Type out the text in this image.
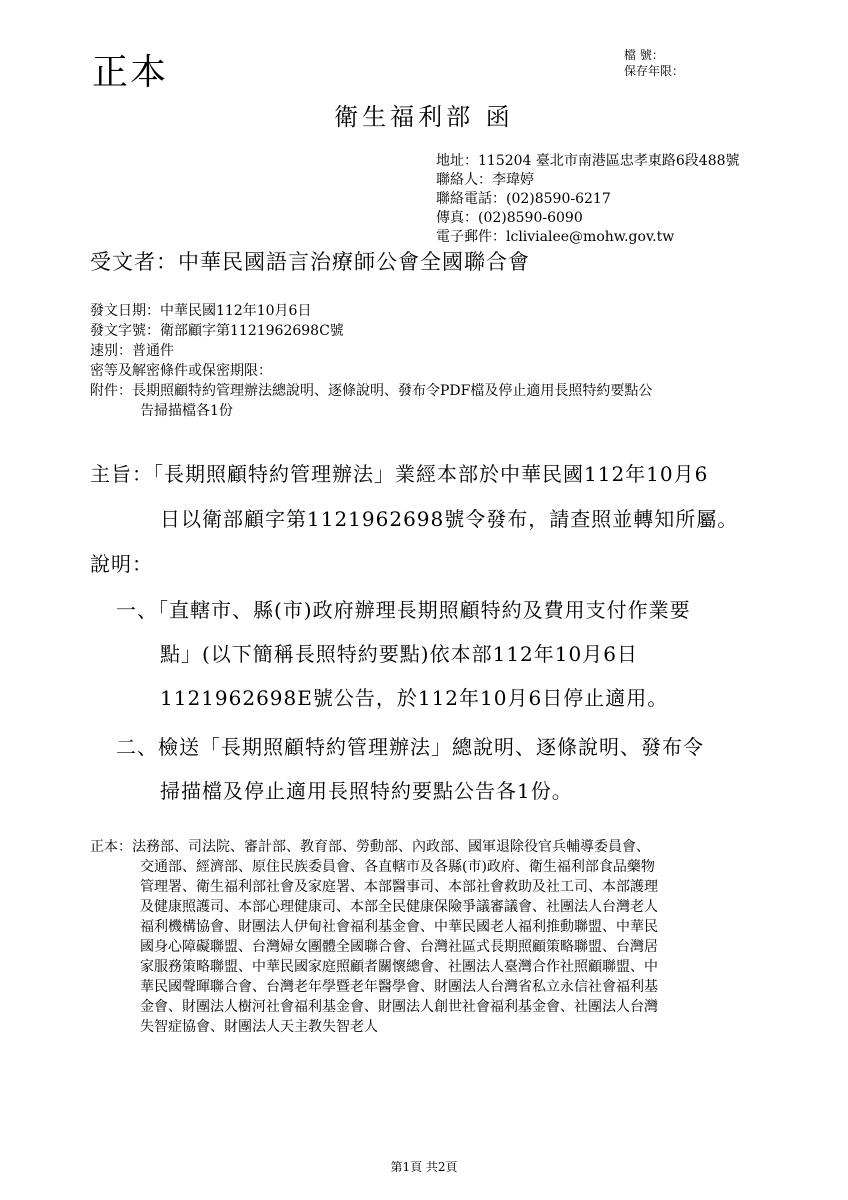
正本	檔 號：
保存年限：
衛生福利部 函
地址：115204 臺北市南港區忠孝東路6段488號
聯絡人：李瑋婷
聯絡電話：(02)8590-6217
傳真：(02)8590-6090
電子郵件：lclivialee@mohw.gov.tw
受文者：中華民國語言治療師公會全國聯合會
發文日期：中華民國112年10月6日
發文字號：衛部顧字第1121962698C號
速別：普通件
密等及解密條件或保密期限：
附件：長期照顧特約管理辦法總說明、逐條說明、發布令PDF檔及停止適用長照特約要點公
告掃描檔各1份
主旨：「長期照顧特約管理辦法」業經本部於中華民國112年10月6
日以衛部顧字第1121962698號令發布，請查照並轉知所屬。
說明：
一、「直轄市、縣(市)政府辦理長期照顧特約及費用支付作業要
點」(以下簡稱長照特約要點)依本部112年10月6日
1121962698E號公告，於112年10月6日停止適用。
二、檢送「長期照顧特約管理辦法」總說明、逐條說明、發布令
掃描檔及停止適用長照特約要點公告各1份。
正本：法務部、司法院、審計部、教育部、勞動部、內政部、國軍退除役官兵輔導委員會、
交通部、經濟部、原住民族委員會、各直轄市及各縣(市)政府、衛生福利部食品藥物
管理署、衛生福利部社會及家庭署、本部醫事司、本部社會救助及社工司、本部護理
及健康照護司、本部心理健康司、本部全民健康保險爭議審議會、社團法人台灣老人
福利機構協會、財團法人伊甸社會福利基金會、中華民國老人福利推動聯盟、中華民
國身心障礙聯盟、台灣婦女團體全國聯合會、台灣社區式長期照顧策略聯盟、台灣居
家服務策略聯盟、中華民國家庭照顧者關懷總會、社團法人臺灣合作社照顧聯盟、中
華民國聲暉聯合會、台灣老年學暨老年醫學會、財團法人台灣省私立永信社會福利基
金會、財團法人樹河社會福利基金會、財團法人創世社會福利基金會、社團法人台灣
失智症協會、財團法人天主教失智老人
第1頁 共2頁
